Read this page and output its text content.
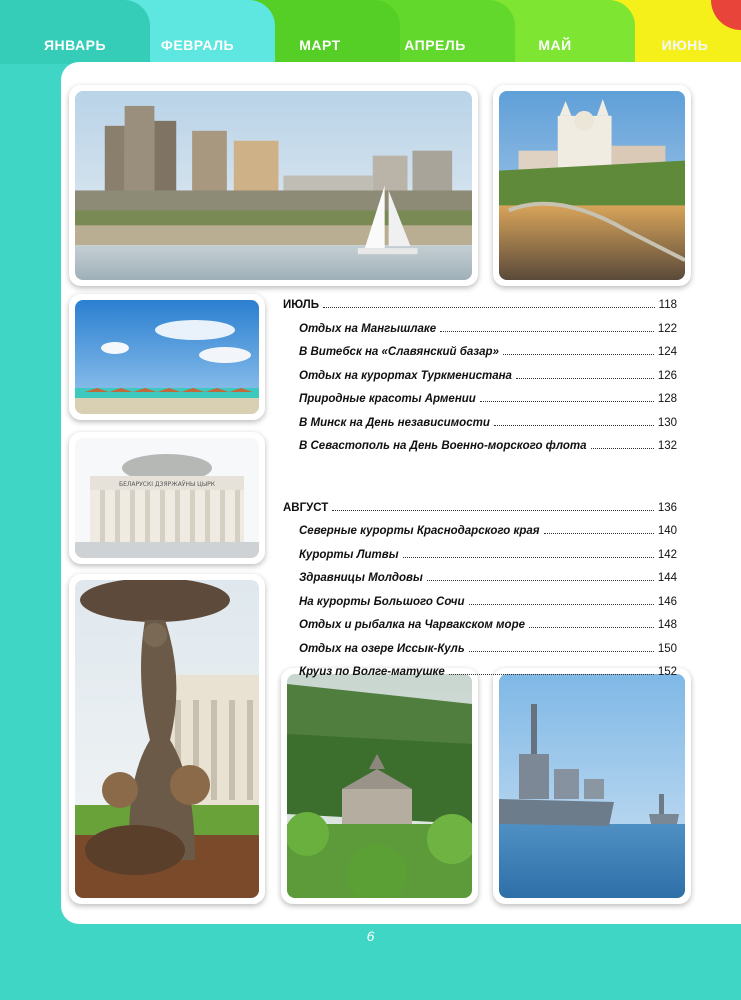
ЯНВАРЬ	ФЕВРАЛЬ	МАРТ	АПРЕЛЬ	МАЙ	ИЮНЬ
БЕЛАРУСКІ ДЗЯРЖАЎНЫ ЦЫРК
ИЮЛЬ	118
Отдых на Мангышлаке	122
В Витебск на «Славянский базар»	124
Отдых на курортах Туркменистана	126
Природные красоты Армении	128
В Минск на День независимости	130
В Севастополь на День Военно-морского флота	132
АВГУСТ	136
Северные курорты Краснодарского края	140
Курорты Литвы	142
Здравницы Молдовы	144
На курорты Большого Сочи	146
Отдых и рыбалка на Чарвакском море	148
Отдых на озере Иссык-Куль	150
Круиз по Волге-матушке	152
6
